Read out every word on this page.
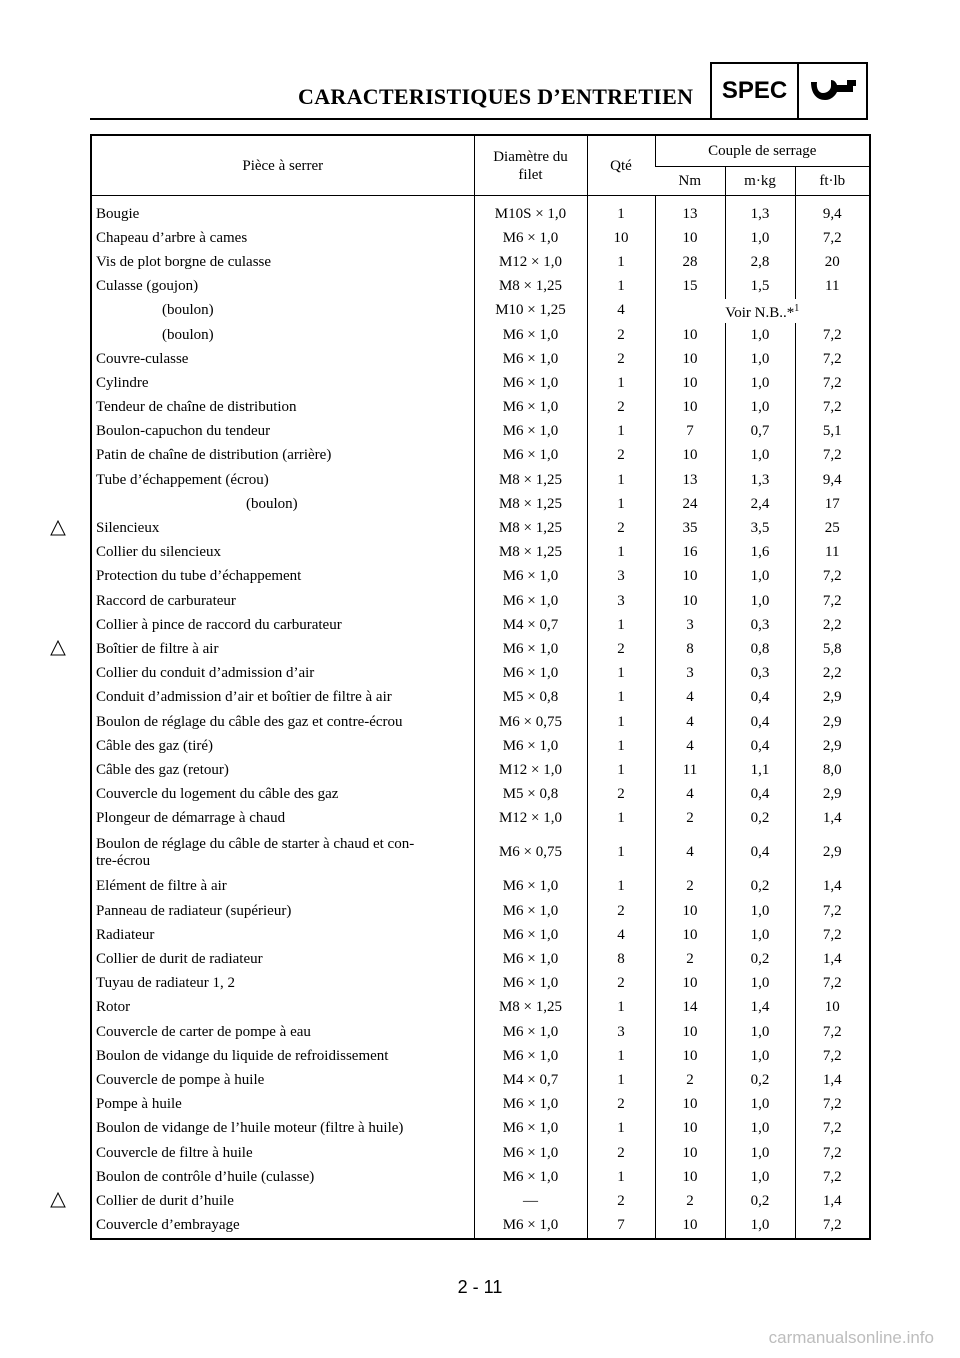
CARACTERISTIQUES D’ENTRETIEN	SPEC
Pièce à serrer	Diamètre du filet	Qté	Couple de serrage		
			Nm	m·kg	ft·lb
Bougie	M10S × 1,0	1	13	1,3	9,4
Chapeau d’arbre à cames	M6 × 1,0	10	10	1,0	7,2
Vis de plot borgne de culasse	M12 × 1,0	1	28	2,8	20
Culasse (goujon)	M8 × 1,25	1	15	1,5	11
(boulon)	M10 × 1,25	4	Voir N.B..*$^1$
(boulon)	M6 × 1,0	2	10	1,0	7,2
Couvre-culasse	M6 × 1,0	2	10	1,0	7,2
Cylindre	M6 × 1,0	1	10	1,0	7,2
Tendeur de chaîne de distribution	M6 × 1,0	2	10	1,0	7,2
Boulon-capuchon du tendeur	M6 × 1,0	1	7	0,7	5,1
Patin de chaîne de distribution (arrière)	M6 × 1,0	2	10	1,0	7,2
Tube d’échappement (écrou)	M8 × 1,25	1	13	1,3	9,4
(boulon)	M8 × 1,25	1	24	2,4	17
Silencieux	M8 × 1,25	2	35	3,5	25
Collier du silencieux	M8 × 1,25	1	16	1,6	11
Protection du tube d’échappement	M6 × 1,0	3	10	1,0	7,2
Raccord de carburateur	M6 × 1,0	3	10	1,0	7,2
Collier à pince de raccord du carburateur	M4 × 0,7	1	3	0,3	2,2
Boîtier de filtre à air	M6 × 1,0	2	8	0,8	5,8
Collier du conduit d’admission d’air	M6 × 1,0	1	3	0,3	2,2
Conduit d’admission d’air et boîtier de filtre à air	M5 × 0,8	1	4	0,4	2,9
Boulon de réglage du câble des gaz et contre-écrou	M6 × 0,75	1	4	0,4	2,9
Câble des gaz (tiré)	M6 × 1,0	1	4	0,4	2,9
Câble des gaz (retour)	M12 × 1,0	1	11	1,1	8,0
Couvercle du logement du câble des gaz	M5 × 0,8	2	4	0,4	2,9
Plongeur de démarrage à chaud	M12 × 1,0	1	2	0,2	1,4
Boulon de réglage du câble de starter à chaud et con-
tre-écrou	M6 × 0,75	1	4	0,4	2,9
Elément de filtre à air	M6 × 1,0	1	2	0,2	1,4
Panneau de radiateur (supérieur)	M6 × 1,0	2	10	1,0	7,2
Radiateur	M6 × 1,0	4	10	1,0	7,2
Collier de durit de radiateur	M6 × 1,0	8	2	0,2	1,4
Tuyau de radiateur 1, 2	M6 × 1,0	2	10	1,0	7,2
Rotor	M8 × 1,25	1	14	1,4	10
Couvercle de carter de pompe à eau	M6 × 1,0	3	10	1,0	7,2
Boulon de vidange du liquide de refroidissement	M6 × 1,0	1	10	1,0	7,2
Couvercle de pompe à huile	M4 × 0,7	1	2	0,2	1,4
Pompe à huile	M6 × 1,0	2	10	1,0	7,2
Boulon de vidange de l’huile moteur (filtre à huile)	M6 × 1,0	1	10	1,0	7,2
Couvercle de filtre à huile	M6 × 1,0	2	10	1,0	7,2
Boulon de contrôle d’huile (culasse)	M6 × 1,0	1	10	1,0	7,2
Collier de durit d’huile	—	2	2	0,2	1,4
Couvercle d’embrayage	M6 × 1,0	7	10	1,0	7,2
2 - 11
carmanualsonline.info
